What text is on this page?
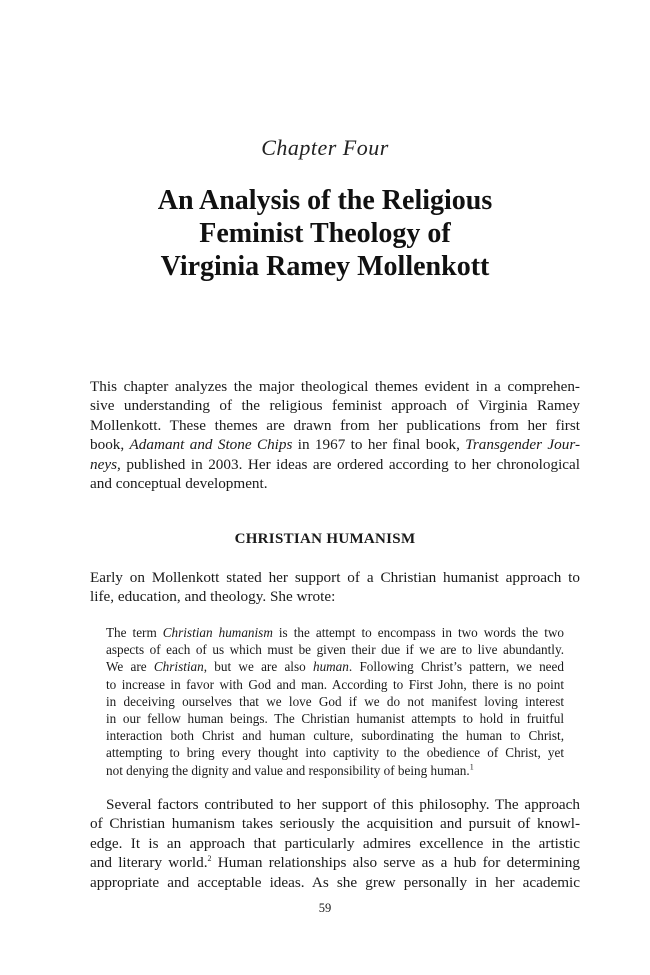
Chapter Four
An Analysis of the Religious
Feminist Theology of
Virginia Ramey Mollenkott
This chapter analyzes the major theological themes evident in a comprehen-
sive understanding of the religious feminist approach of Virginia Ramey
Mollenkott. These themes are drawn from her publications from her first
book, Adamant and Stone Chips in 1967 to her final book, Transgender Jour-
neys, published in 2003. Her ideas are ordered according to her chronological
and conceptual development.
CHRISTIAN HUMANISM
Early on Mollenkott stated her support of a Christian humanist approach to
life, education, and theology. She wrote:
The term Christian humanism is the attempt to encompass in two words the two
aspects of each of us which must be given their due if we are to live abundantly.
We are Christian, but we are also human. Following Christ’s pattern, we need
to increase in favor with God and man. According to First John, there is no point
in deceiving ourselves that we love God if we do not manifest loving interest
in our fellow human beings. The Christian humanist attempts to hold in fruitful
interaction both Christ and human culture, subordinating the human to Christ,
attempting to bring every thought into captivity to the obedience of Christ, yet
not denying the dignity and value and responsibility of being human.$^1$
Several factors contributed to her support of this philosophy. The approach
of Christian humanism takes seriously the acquisition and pursuit of knowl-
edge. It is an approach that particularly admires excellence in the artistic
and literary world.$^2$ Human relationships also serve as a hub for determining
appropriate and acceptable ideas. As she grew personally in her academic
59
